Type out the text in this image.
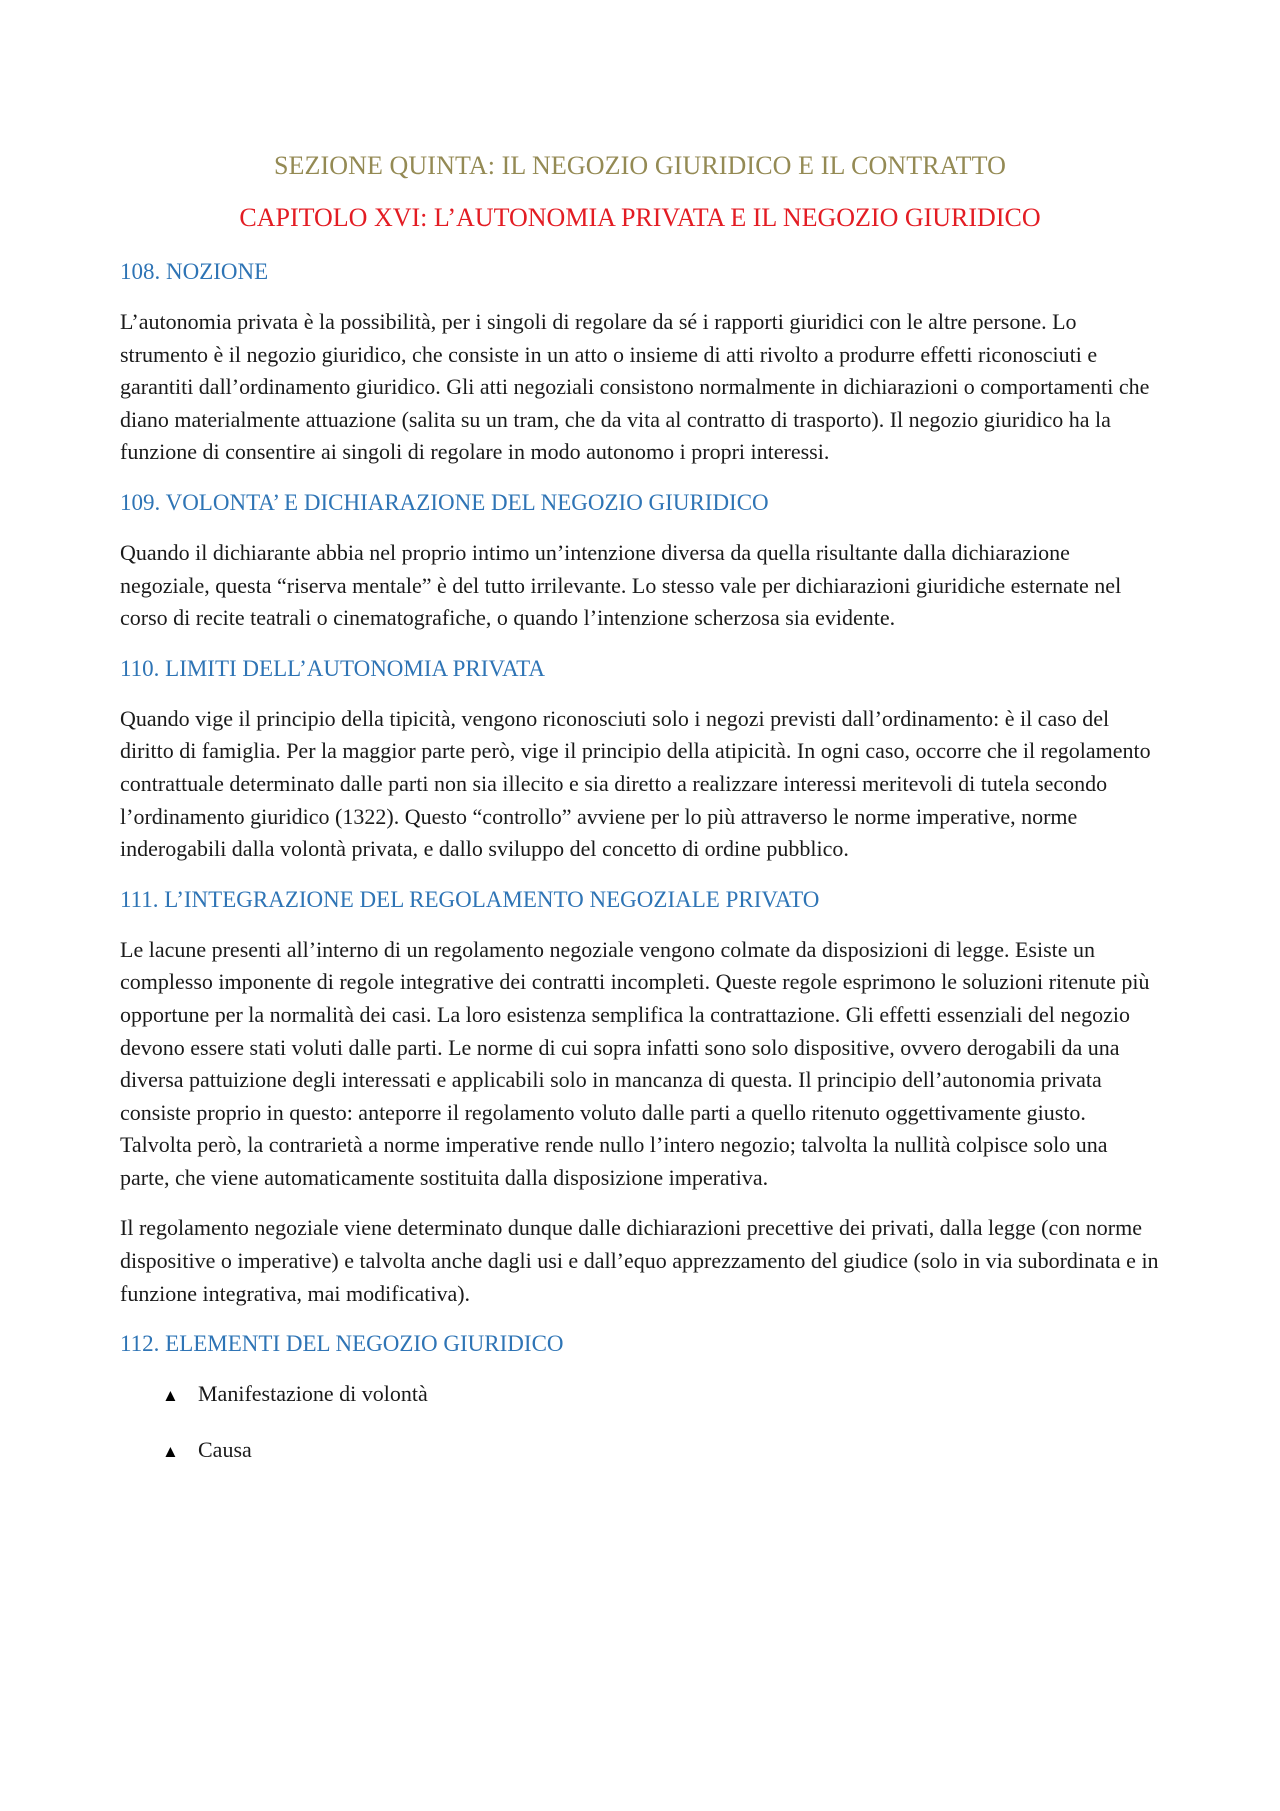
SEZIONE QUINTA: IL NEGOZIO GIURIDICO E IL CONTRATTO
CAPITOLO XVI: L’AUTONOMIA PRIVATA E IL NEGOZIO GIURIDICO
108. NOZIONE

L’autonomia privata è la possibilità, per i singoli di regolare da sé i rapporti giuridici con le altre persone. Lo strumento è il negozio giuridico, che consiste in un atto o insieme di atti rivolto a produrre effetti riconosciuti e garantiti dall’ordinamento giuridico. Gli atti negoziali consistono normalmente in dichiarazioni o comportamenti che diano materialmente attuazione (salita su un tram, che da vita al contratto di trasporto). Il negozio giuridico ha la funzione di consentire ai singoli di regolare in modo autonomo i propri interessi.

109. VOLONTA’ E DICHIARAZIONE DEL NEGOZIO GIURIDICO

Quando il dichiarante abbia nel proprio intimo un’intenzione diversa da quella risultante dalla dichiarazione negoziale, questa “riserva mentale” è del tutto irrilevante. Lo stesso vale per dichiarazioni giuridiche esternate nel corso di recite teatrali o cinematografiche, o quando l’intenzione scherzosa sia evidente.

110. LIMITI DELL’AUTONOMIA PRIVATA

Quando vige il principio della tipicità, vengono riconosciuti solo i negozi previsti dall’ordinamento: è il caso del diritto di famiglia. Per la maggior parte però, vige il principio della atipicità. In ogni caso, occorre che il regolamento contrattuale determinato dalle parti non sia illecito e sia diretto a realizzare interessi meritevoli di tutela secondo l’ordinamento giuridico (1322). Questo “controllo” avviene per lo più attraverso le norme imperative, norme inderogabili dalla volontà privata, e dallo sviluppo del concetto di ordine pubblico.

111. L’INTEGRAZIONE DEL REGOLAMENTO NEGOZIALE PRIVATO

Le lacune presenti all’interno di un regolamento negoziale vengono colmate da disposizioni di legge. Esiste un complesso imponente di regole integrative dei contratti incompleti. Queste regole esprimono le soluzioni ritenute più opportune per la normalità dei casi. La loro esistenza semplifica la contrattazione. Gli effetti essenziali del negozio devono essere stati voluti dalle parti. Le norme di cui sopra infatti sono solo dispositive, ovvero derogabili da una diversa pattuizione degli interessati e applicabili solo in mancanza di questa. Il principio dell’autonomia privata consiste proprio in questo: anteporre il regolamento voluto dalle parti a quello ritenuto oggettivamente giusto. Talvolta però, la contrarietà a norme imperative rende nullo l’intero negozio; talvolta la nullità colpisce solo una parte, che viene automaticamente sostituita dalla disposizione imperativa.

Il regolamento negoziale viene determinato dunque dalle dichiarazioni precettive dei privati, dalla legge (con norme dispositive o imperative) e talvolta anche dagli usi e dall’equo apprezzamento del giudice (solo in via subordinata e in funzione integrativa, mai modificativa).

112. ELEMENTI DEL NEGOZIO GIURIDICO
▲ Manifestazione di volontà
▲ Causa
